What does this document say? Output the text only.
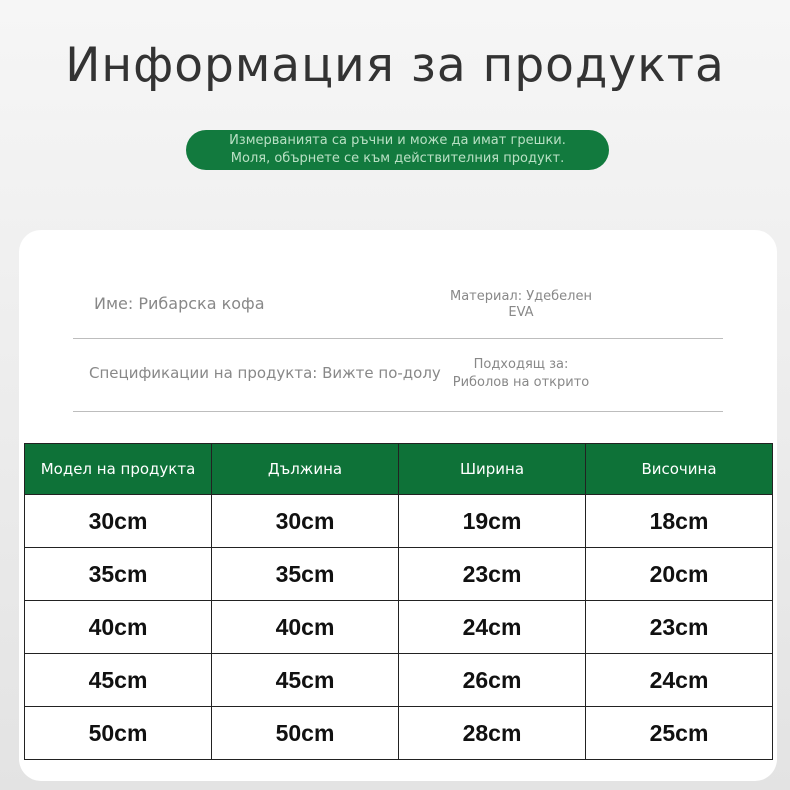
Информация за продукта
Измерванията са ръчни и може да имат грешки.
Моля, обърнете се към действителния продукт.
Име: Рибарска кофа	Материал: Удебелен
EVA
Спецификации на продукта: Вижте по-долу	Подходящ за:
Риболов на открито
Модел на продукта	Дължина	Ширина	Височина
30cm	30cm	19cm	18cm
35cm	35cm	23cm	20cm
40cm	40cm	24cm	23cm
45cm	45cm	26cm	24cm
50cm	50cm	28cm	25cm
